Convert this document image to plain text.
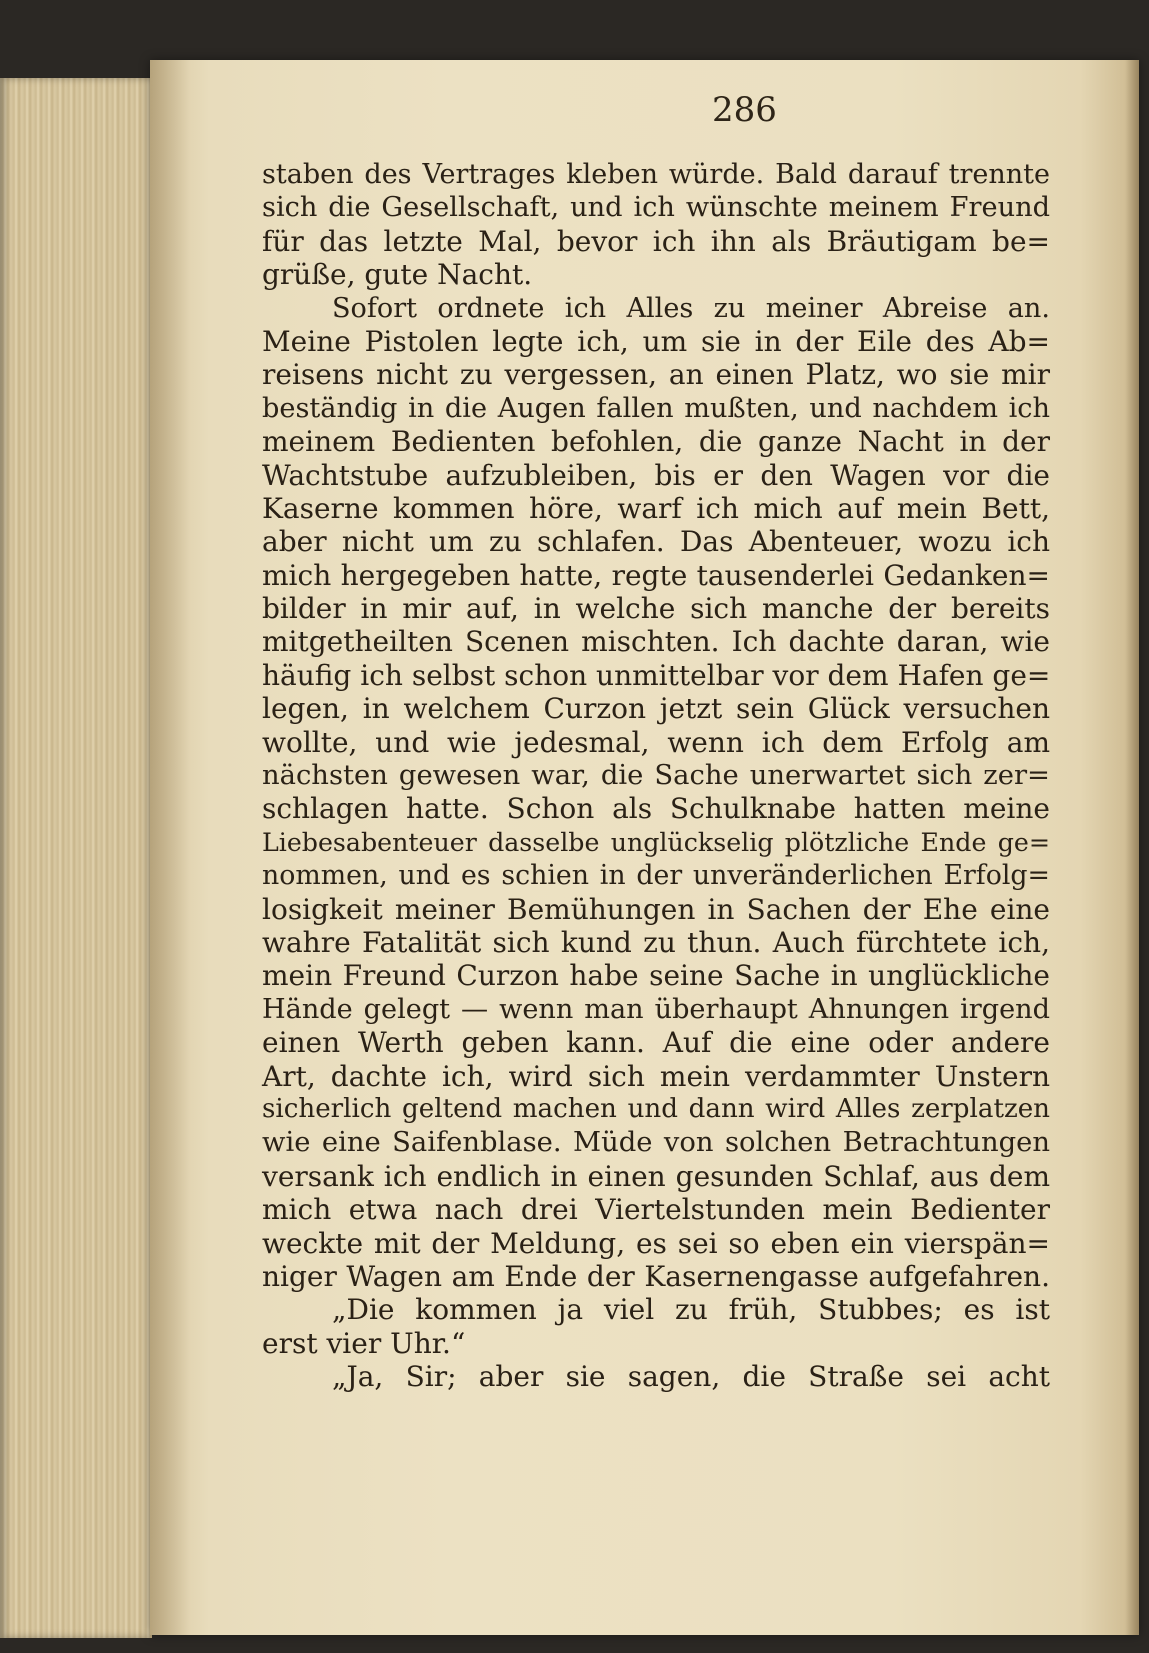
286
staben des Vertrages kleben würde. Bald darauf trennte
sich die Gesellschaft, und ich wünschte meinem Freund
für das letzte Mal, bevor ich ihn als Bräutigam be=
grüße, gute Nacht.
Sofort ordnete ich Alles zu meiner Abreise an.
Meine Pistolen legte ich, um sie in der Eile des Ab=
reisens nicht zu vergessen, an einen Platz, wo sie mir
beständig in die Augen fallen mußten, und nachdem ich
meinem Bedienten befohlen, die ganze Nacht in der
Wachtstube aufzubleiben, bis er den Wagen vor die
Kaserne kommen höre, warf ich mich auf mein Bett,
aber nicht um zu schlafen. Das Abenteuer, wozu ich
mich hergegeben hatte, regte tausenderlei Gedanken=
bilder in mir auf, in welche sich manche der bereits
mitgetheilten Scenen mischten. Ich dachte daran, wie
häufig ich selbst schon unmittelbar vor dem Hafen ge=
legen, in welchem Curzon jetzt sein Glück versuchen
wollte, und wie jedesmal, wenn ich dem Erfolg am
nächsten gewesen war, die Sache unerwartet sich zer=
schlagen hatte. Schon als Schulknabe hatten meine
Liebesabenteuer dasselbe unglückselig plötzliche Ende ge=
nommen, und es schien in der unveränderlichen Erfolg=
losigkeit meiner Bemühungen in Sachen der Ehe eine
wahre Fatalität sich kund zu thun. Auch fürchtete ich,
mein Freund Curzon habe seine Sache in unglückliche
Hände gelegt — wenn man überhaupt Ahnungen irgend
einen Werth geben kann. Auf die eine oder andere
Art, dachte ich, wird sich mein verdammter Unstern
sicherlich geltend machen und dann wird Alles zerplatzen
wie eine Saifenblase. Müde von solchen Betrachtungen
versank ich endlich in einen gesunden Schlaf, aus dem
mich etwa nach drei Viertelstunden mein Bedienter
weckte mit der Meldung, es sei so eben ein vierspän=
niger Wagen am Ende der Kasernengasse aufgefahren.
„Die kommen ja viel zu früh, Stubbes; es ist
erst vier Uhr.“
„Ja, Sir; aber sie sagen, die Straße sei acht
